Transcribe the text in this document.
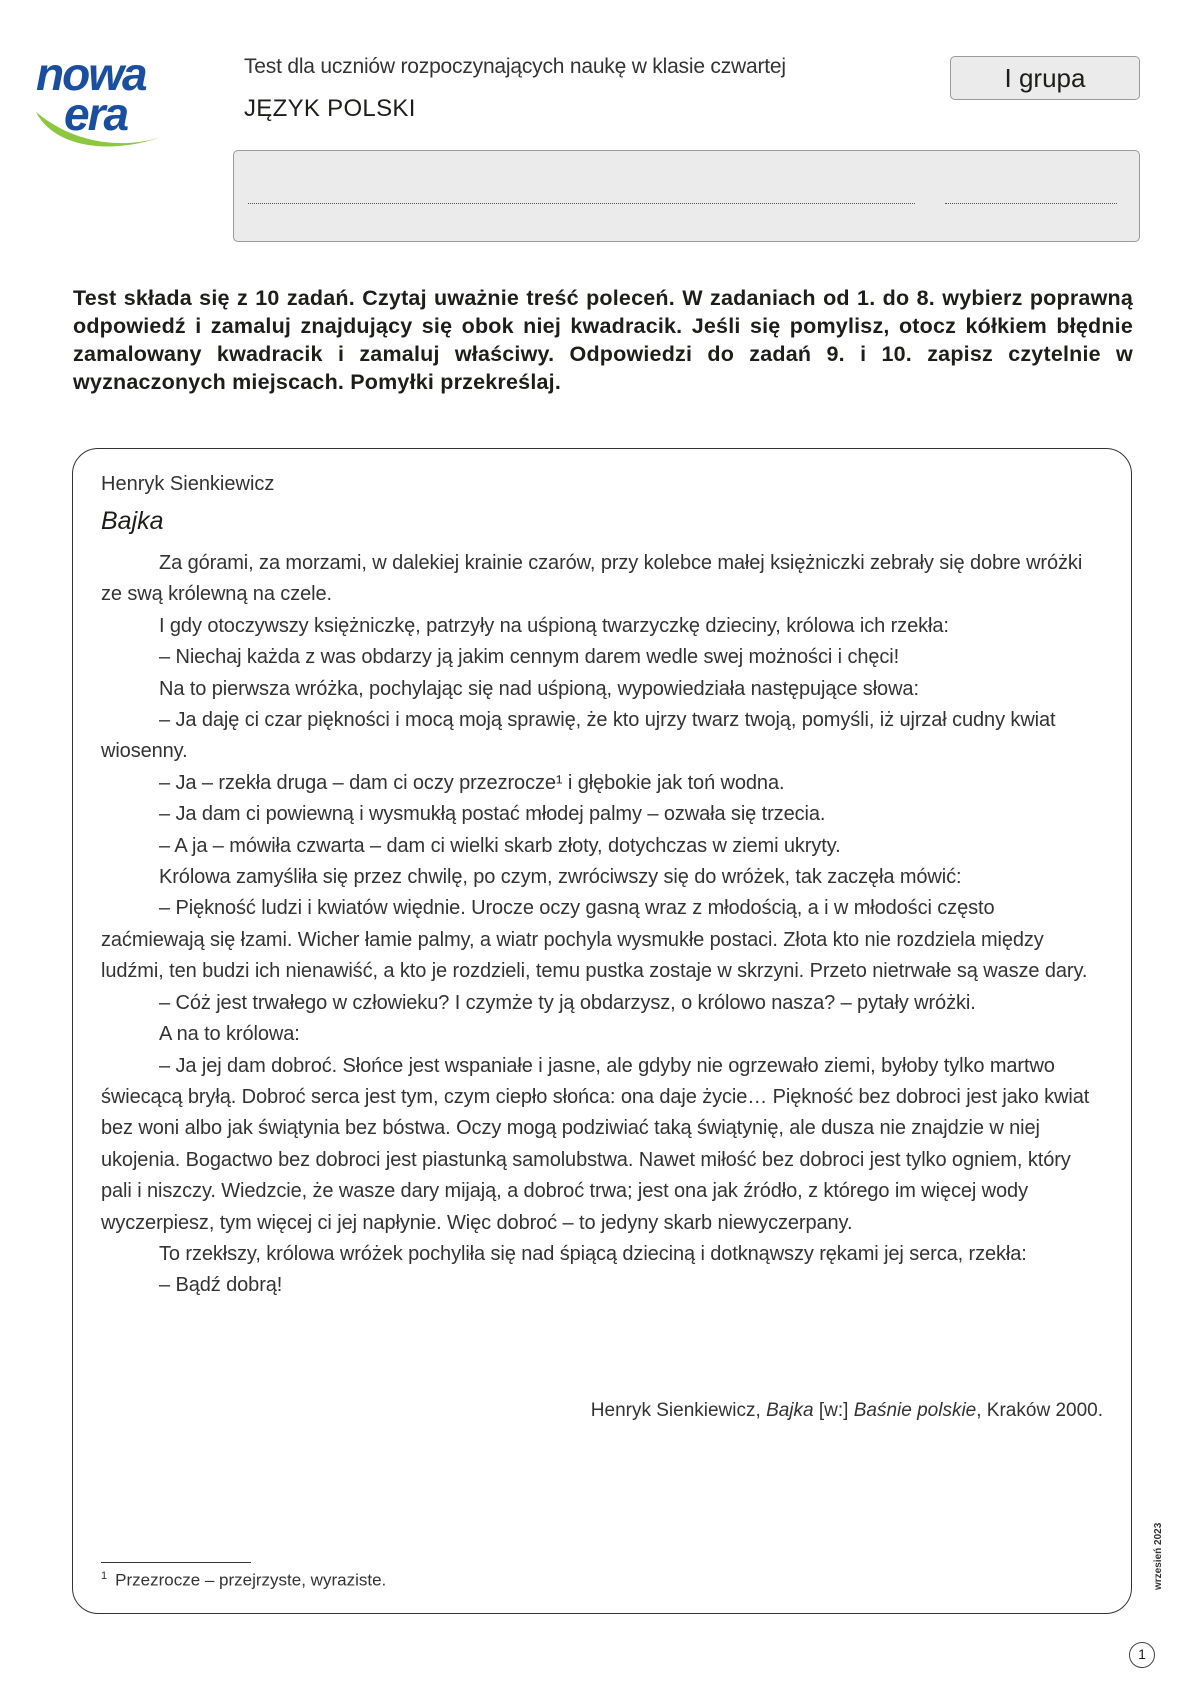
nowa
era
Test dla uczniów rozpoczynających naukę w klasie czwartej
JĘZYK POLSKI
I grupa
Test składa się z 10 zadań. Czytaj uważnie treść poleceń. W zadaniach od 1. do 8. wybierz poprawną odpowiedź i zamaluj znajdujący się obok niej kwadracik. Jeśli się pomylisz, otocz kółkiem błędnie zamalowany kwadracik i zamaluj właściwy. Odpowiedzi do zadań 9. i 10. zapisz czytelnie w wyznaczonych miejscach. Pomyłki przekreślaj.
Henryk Sienkiewicz
Bajka

Za górami, za morzami, w dalekiej krainie czarów, przy kolebce małej księżniczki zebrały się dobre wróżki ze swą królewną na czele.

I gdy otoczywszy księżniczkę, patrzyły na uśpioną twarzyczkę dzieciny, królowa ich rzekła:

– Niechaj każda z was obdarzy ją jakim cennym darem wedle swej możności i chęci!

Na to pierwsza wróżka, pochylając się nad uśpioną, wypowiedziała następujące słowa:

– Ja daję ci czar piękności i mocą moją sprawię, że kto ujrzy twarz twoją, pomyśli, iż ujrzał cudny kwiat wiosenny.

– Ja – rzekła druga – dam ci oczy przezrocze¹ i głębokie jak toń wodna.

– Ja dam ci powiewną i wysmukłą postać młodej palmy – ozwała się trzecia.

– A ja – mówiła czwarta – dam ci wielki skarb złoty, dotychczas w ziemi ukryty.

Królowa zamyśliła się przez chwilę, po czym, zwróciwszy się do wróżek, tak zaczęła mówić:

– Piękność ludzi i kwiatów więdnie. Urocze oczy gasną wraz z młodością, a i w młodości często zaćmiewają się łzami. Wicher łamie palmy, a wiatr pochyla wysmukłe postaci. Złota kto nie rozdziela między ludźmi, ten budzi ich nienawiść, a kto je rozdzieli, temu pustka zostaje w skrzyni. Przeto nietrwałe są wasze dary.

– Cóż jest trwałego w człowieku? I czymże ty ją obdarzysz, o królowo nasza? – pytały wróżki.

A na to królowa:

– Ja jej dam dobroć. Słońce jest wspaniałe i jasne, ale gdyby nie ogrzewało ziemi, byłoby tylko martwo świecącą bryłą. Dobroć serca jest tym, czym ciepło słońca: ona daje życie… Piękność bez dobroci jest jako kwiat bez woni albo jak świątynia bez bóstwa. Oczy mogą podziwiać taką świątynię, ale dusza nie znajdzie w niej ukojenia. Bogactwo bez dobroci jest piastunką samolubstwa. Nawet miłość bez dobroci jest tylko ogniem, który pali i niszczy. Wiedzcie, że wasze dary mijają, a dobroć trwa; jest ona jak źródło, z którego im więcej wody wyczerpiesz, tym więcej ci jej napłynie. Więc dobroć – to jedyny skarb niewyczerpany.

To rzekłszy, królowa wróżek pochyliła się nad śpiącą dzieciną i dotknąwszy rękami jej serca, rzekła:

– Bądź dobrą!

Henryk Sienkiewicz, Bajka [w:] Baśnie polskie, Kraków 2000.
$^1$ Przezrocze – przejrzyste, wyraziste.	wrzesień 2023
1
